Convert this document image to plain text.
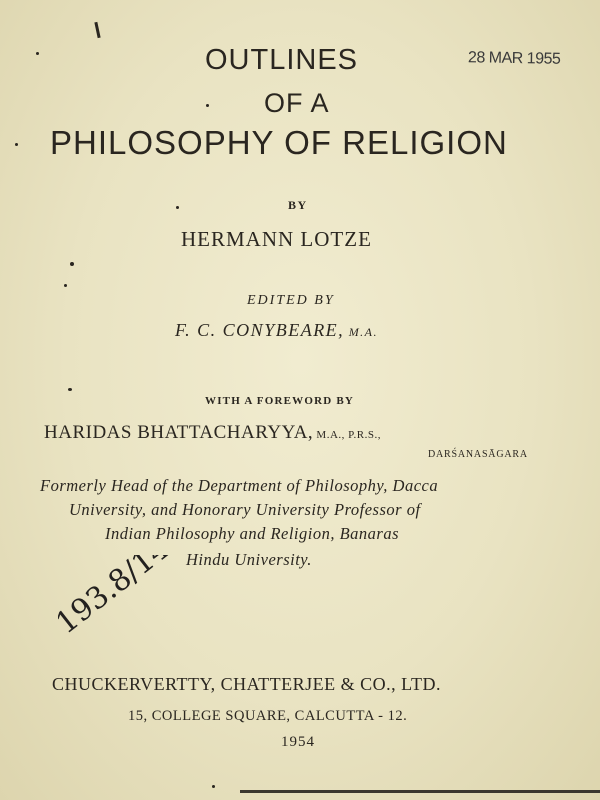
OUTLINES	28 MAR 1955
OF A
PHILOSOPHY OF RELIGION
BY
HERMANN LOTZE
EDITED BY
F. C. CONYBEARE, M.A.
WITH A FOREWORD BY
HARIDAS BHATTACHARYYA, M.A., P.R.S.,
DARŚANASĀGARA
Formerly Head of the Department of Philosophy, Dacca
University, and Honorary University Professor of
Indian Philosophy and Religion, Banaras
Hindu University.
193.8/14
CHUCKERVERTTY, CHATTERJEE & CO., LTD.
15, COLLEGE SQUARE, CALCUTTA - 12.
1954
